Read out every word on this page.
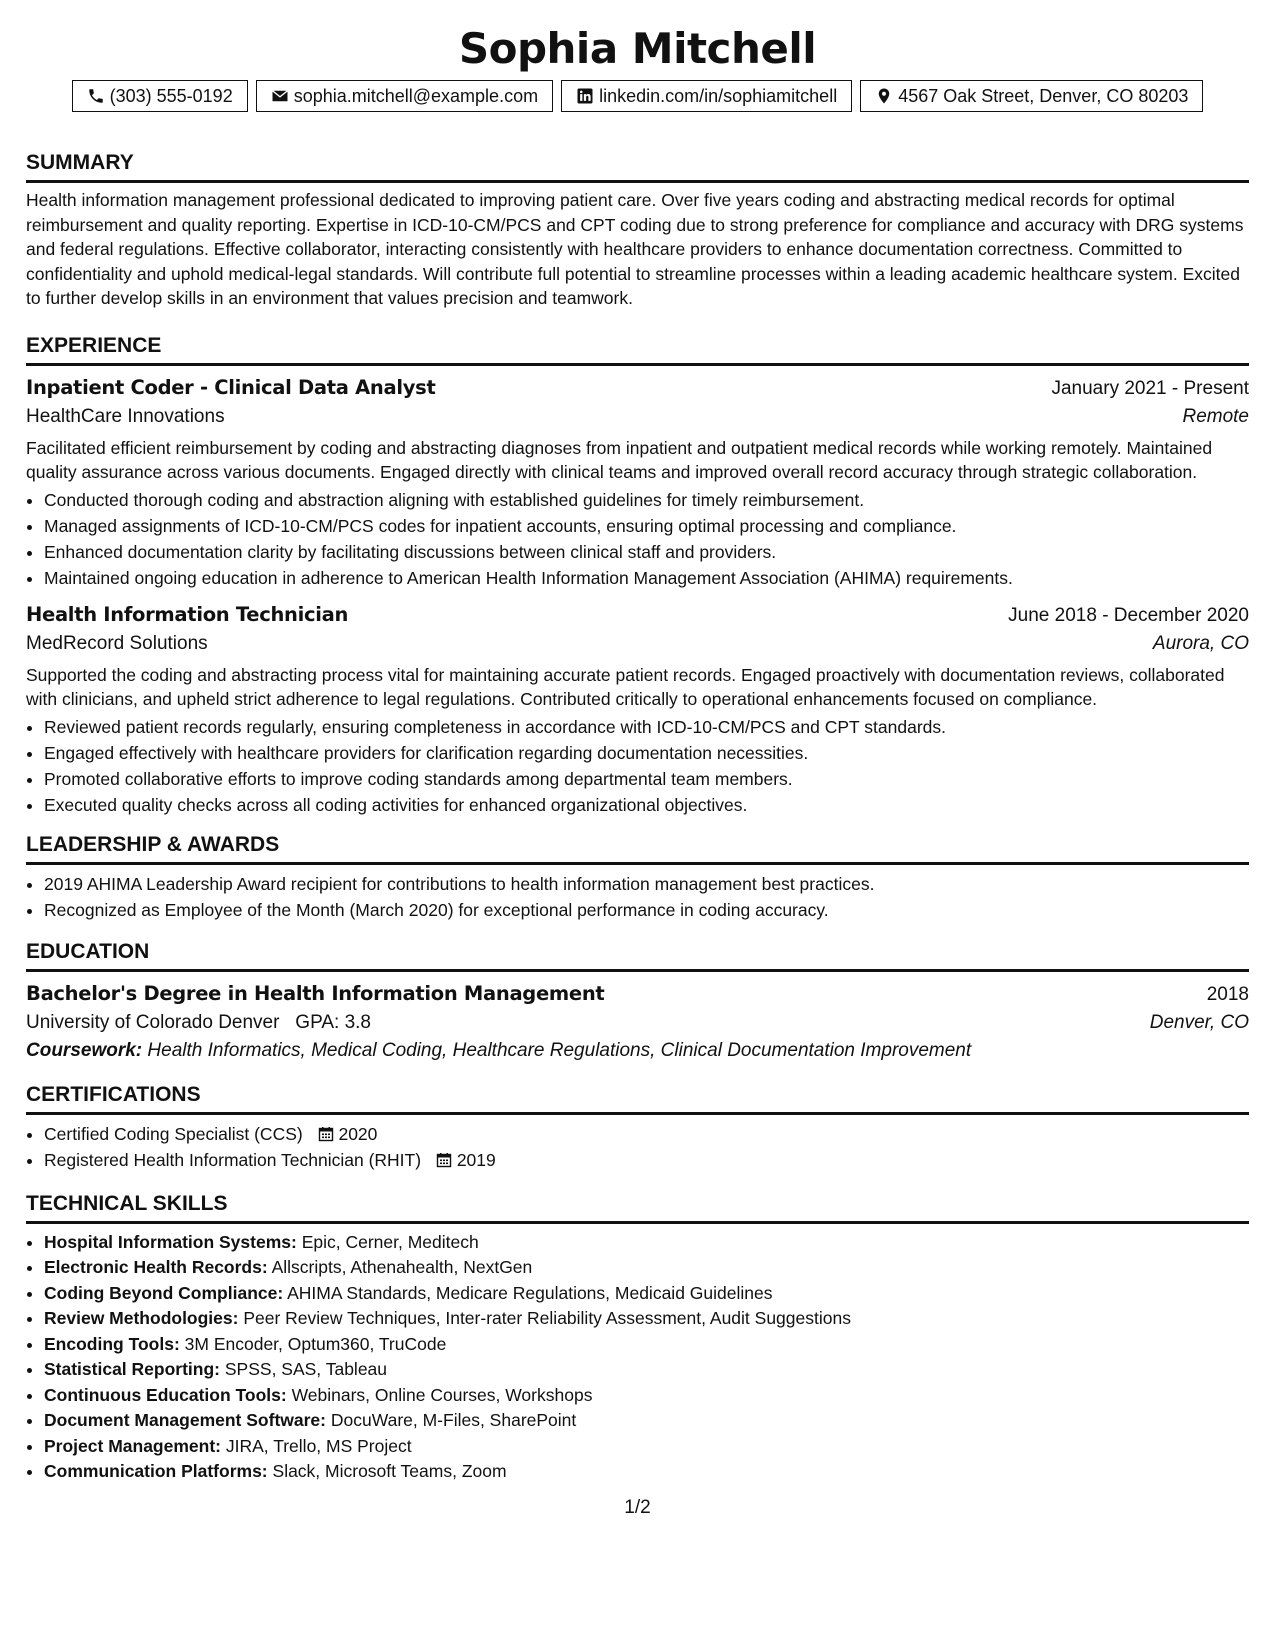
Sophia Mitchell
(303) 555-0192	sophia.mitchell@example.com	linkedin.com/in/sophiamitchell	4567 Oak Street, Denver, CO 80203
SUMMARY

Health information management professional dedicated to improving patient care. Over five years coding and abstracting medical records for optimal reimbursement and quality reporting. Expertise in ICD-10-CM/PCS and CPT coding due to strong preference for compliance and accuracy with DRG systems and federal regulations. Effective collaborator, interacting consistently with healthcare providers to enhance documentation correctness. Committed to confidentiality and uphold medical-legal standards. Will contribute full potential to streamline processes within a leading academic healthcare system. Excited to further develop skills in an environment that values precision and teamwork.

EXPERIENCE
Inpatient Coder - Clinical Data Analyst	January 2021 - Present
HealthCare Innovations	Remote

Facilitated efficient reimbursement by coding and abstracting diagnoses from inpatient and outpatient medical records while working remotely. Maintained quality assurance across various documents. Engaged directly with clinical teams and improved overall record accuracy through strategic collaboration.

• Conducted thorough coding and abstraction aligning with established guidelines for timely reimbursement.
• Managed assignments of ICD-10-CM/PCS codes for inpatient accounts, ensuring optimal processing and compliance.
• Enhanced documentation clarity by facilitating discussions between clinical staff and providers.
• Maintained ongoing education in adherence to American Health Information Management Association (AHIMA) requirements.
Health Information Technician	June 2018 - December 2020
MedRecord Solutions	Aurora, CO

Supported the coding and abstracting process vital for maintaining accurate patient records. Engaged proactively with documentation reviews, collaborated with clinicians, and upheld strict adherence to legal regulations. Contributed critically to operational enhancements focused on compliance.

• Reviewed patient records regularly, ensuring completeness in accordance with ICD-10-CM/PCS and CPT standards.
• Engaged effectively with healthcare providers for clarification regarding documentation necessities.
• Promoted collaborative efforts to improve coding standards among departmental team members.
• Executed quality checks across all coding activities for enhanced organizational objectives.
LEADERSHIP & AWARDS
• 2019 AHIMA Leadership Award recipient for contributions to health information management best practices.
• Recognized as Employee of the Month (March 2020) for exceptional performance in coding accuracy.
EDUCATION
Bachelor's Degree in Health Information Management	2018
University of Colorado Denver GPA: 3.8	Denver, CO
Coursework: Health Informatics, Medical Coding, Healthcare Regulations, Clinical Documentation Improvement
CERTIFICATIONS
• Certified Coding Specialist (CCS) 2020
• Registered Health Information Technician (RHIT) 2019
TECHNICAL SKILLS
• Hospital Information Systems: Epic, Cerner, Meditech
• Electronic Health Records: Allscripts, Athenahealth, NextGen
• Coding Beyond Compliance: AHIMA Standards, Medicare Regulations, Medicaid Guidelines
• Review Methodologies: Peer Review Techniques, Inter-rater Reliability Assessment, Audit Suggestions
• Encoding Tools: 3M Encoder, Optum360, TruCode
• Statistical Reporting: SPSS, SAS, Tableau
• Continuous Education Tools: Webinars, Online Courses, Workshops
• Document Management Software: DocuWare, M-Files, SharePoint
• Project Management: JIRA, Trello, MS Project
• Communication Platforms: Slack, Microsoft Teams, Zoom
1/2
